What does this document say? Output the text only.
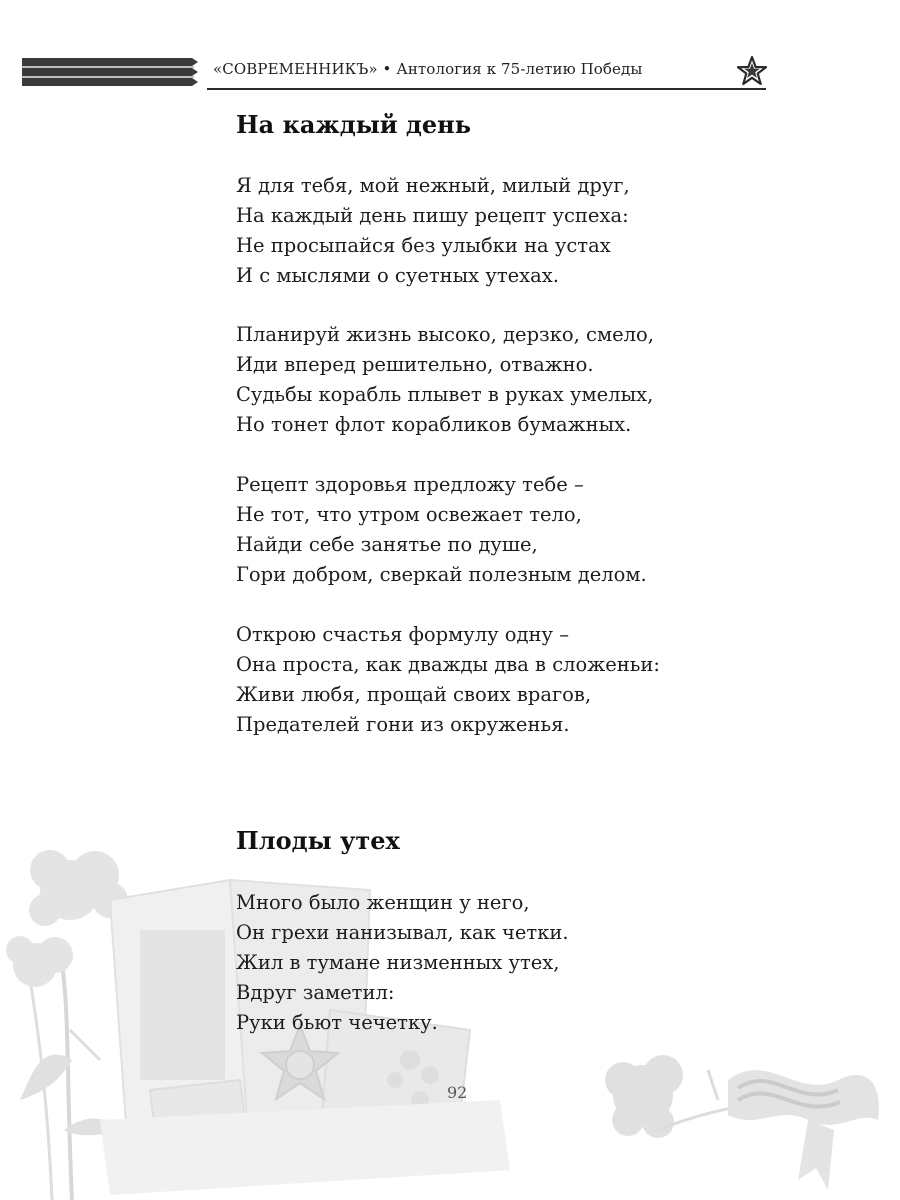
«СОВРЕМЕННИКЪ» • Антология к 75-летию Победы
На каждый день
Я для тебя, мой нежный, милый друг,
На каждый день пишу рецепт успеха:
Не просыпайся без улыбки на устах
И с мыслями о суетных утехах.
Планируй жизнь высоко, дерзко, смело,
Иди вперед решительно, отважно.
Судьбы корабль плывет в руках умелых,
Но тонет флот корабликов бумажных.
Рецепт здоровья предложу тебе –
Не тот, что утром освежает тело,
Найди себе занятье по душе,
Гори добром, сверкай полезным делом.
Открою счастья формулу одну –
Она проста, как дважды два в сложеньи:
Живи любя, прощай своих врагов,
Предателей гони из окруженья.
Плоды утех
Много было женщин у него,
Он грехи нанизывал, как четки.
Жил в тумане низменных утех,
Вдруг заметил:
Руки бьют чечетку.
92
